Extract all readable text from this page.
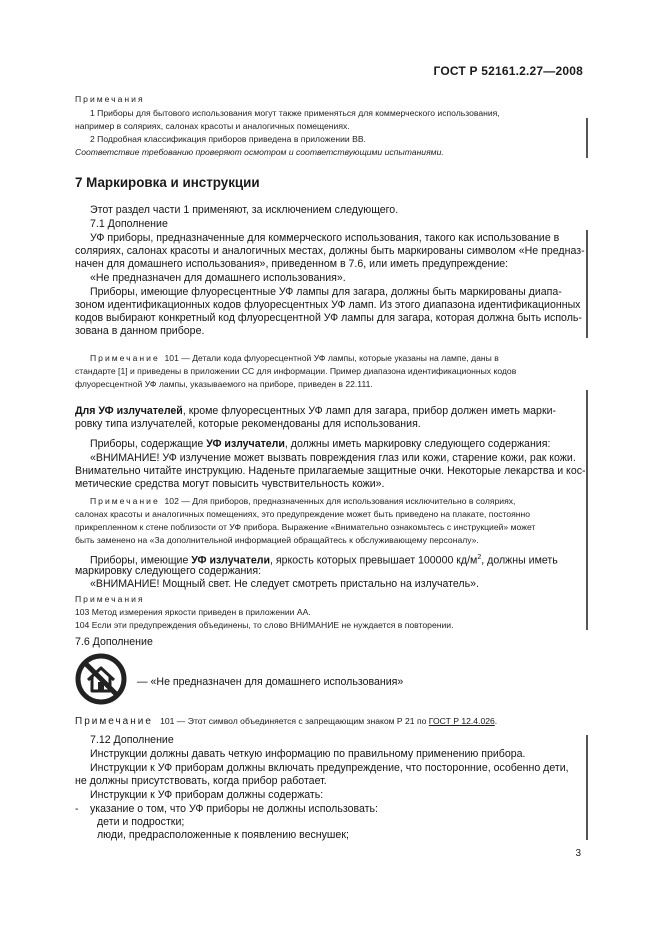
ГОСТ Р 52161.2.27—2008
Примечания
1 Приборы для бытового использования могут также применяться для коммерческого использования,
например в соляриях, салонах красоты и аналогичных помещениях.
2 Подробная классификация приборов приведена в приложении ВВ.
Соответствие требованию проверяют осмотром и соответствующими испытаниями.
7 Маркировка и инструкции
Этот раздел части 1 применяют, за исключением следующего.
7.1 Дополнение
УФ приборы, предназначенные для коммерческого использования, такого как использование в
соляриях, салонах красоты и аналогичных местах, должны быть маркированы символом «Не предназ-
начен для домашнего использования», приведенном в 7.6, или иметь предупреждение:
«Не предназначен для домашнего использования».
Приборы, имеющие флуоресцентные УФ лампы для загара, должны быть маркированы диапа-
зоном идентификационных кодов флуоресцентных УФ ламп. Из этого диапазона идентификационных
кодов выбирают конкретный код флуоресцентной УФ лампы для загара, которая должна быть исполь-
зована в данном приборе.
Примечание 101 — Детали кода флуоресцентной УФ лампы, которые указаны на лампе, даны в
стандарте [1] и приведены в приложении СС для информации. Пример диапазона идентификационных кодов
флуоресцентной УФ лампы, указываемого на приборе, приведен в 22.111.
Для УФ излучателей, кроме флуоресцентных УФ ламп для загара, прибор должен иметь марки-
ровку типа излучателей, которые рекомендованы для использования.
Приборы, содержащие УФ излучатели, должны иметь маркировку следующего содержания:
«ВНИМАНИЕ! УФ излучение может вызвать повреждения глаз или кожи, старение кожи, рак кожи.
Внимательно читайте инструкцию. Наденьте прилагаемые защитные очки. Некоторые лекарства и кос-
метические средства могут повысить чувствительность кожи».
Примечание 102 — Для приборов, предназначенных для использования исключительно в соляриях,
салонах красоты и аналогичных помещениях, это предупреждение может быть приведено на плакате, постоянно
прикрепленном к стене поблизости от УФ прибора. Выражение «Внимательно ознакомьтесь с инструкцией» может
быть заменено на «За дополнительной информацией обращайтесь к обслуживающему персоналу».
Приборы, имеющие УФ излучатели, яркость которых превышает 100000 $кд/м^2$, должны иметь
маркировку следующего содержания:
«ВНИМАНИЕ! Мощный свет. Не следует смотреть пристально на излучатель».
Примечания
103 Метод измерения яркости приведен в приложении АА.
104 Если эти предупреждения объединены, то слово ВНИМАНИЕ не нуждается в повторении.
7.6 Дополнение
— «Не предназначен для домашнего использования»
Примечание 101 — Этот символ объединяется с запрещающим знаком Р 21 по ГОСТ Р 12.4.026.
7.12 Дополнение
Инструкции должны давать четкую информацию по правильному применению прибора.
Инструкции к УФ приборам должны включать предупреждение, что посторонние, особенно дети,
не должны присутствовать, когда прибор работает.
Инструкции к УФ приборам должны содержать:
- указание о том, что УФ приборы не должны использовать:
дети и подростки;
люди, предрасположенные к появлению веснушек;
3
